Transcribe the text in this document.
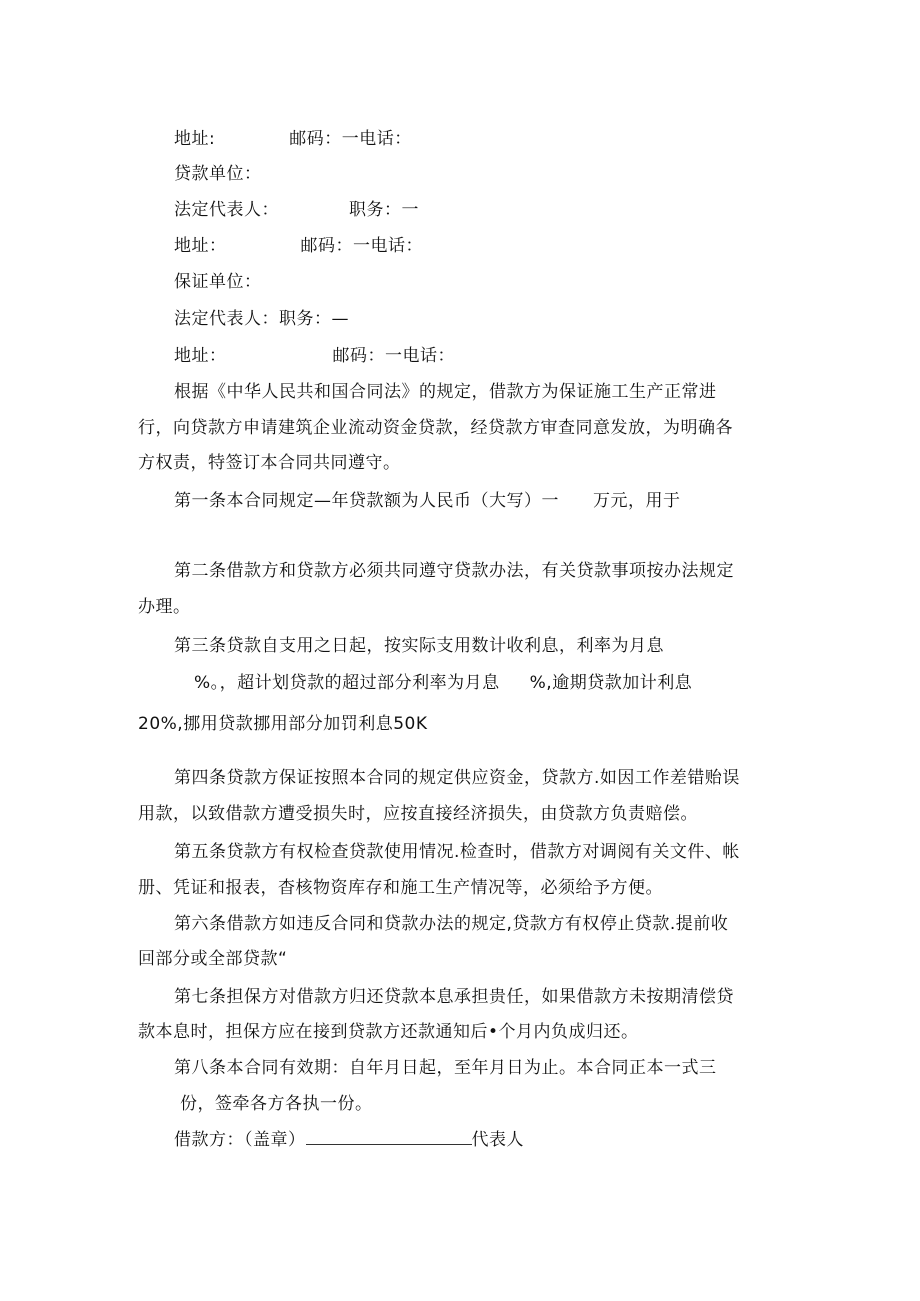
地址:	邮码：一电话：
贷款单位：
法定代表人：	职务：一
地址：	邮码：一电话：
保证单位：
法定代表人：职务：—
地址：	邮码：一电话：
根据《中华人民共和国合同法》的规定，借款方为保证施工生产正常进
行，向贷款方申请建筑企业流动资金贷款，经贷款方审查同意发放，为明确各
方权责，特签订本合同共同遵守。
第一条本合同规定—年贷款额为人民币（大写）一 万元，用于
第二条借款方和贷款方必须共同遵守贷款办法，有关贷款事项按办法规定
办理。
第三条贷款自支用之日起，按实际支用数计收利息，利率为月息
%。，超计划贷款的超过部分利率为月息 %,逾期贷款加计利息
20%,挪用贷款挪用部分加罚利息50K
第四条贷款方保证按照本合同的规定供应资金，贷款方.如因工作差错贻误
用款，以致借款方遭受损失时，应按直接经济损失，由贷款方负责赔偿。
第五条贷款方有权检查贷款使用情况.检查时，借款方对调阅有关文件、帐
册、凭证和报表，杳核物资库存和施工生产情况等，必须给予方便。
第六条借款方如违反合同和贷款办法的规定,贷款方有权停止贷款.提前收
回部分或全部贷款“
第七条担保方对借款方归还贷款本息承担贵任，如果借款方未按期清偿贷
款本息时，担保方应在接到贷款方还款通知后•个月内负成归还。
第八条本合同有效期：自年月日起，至年月日为止。本合同正本一式三
份，签牵各方各执一份。
借款方：（盖章）	代表人
